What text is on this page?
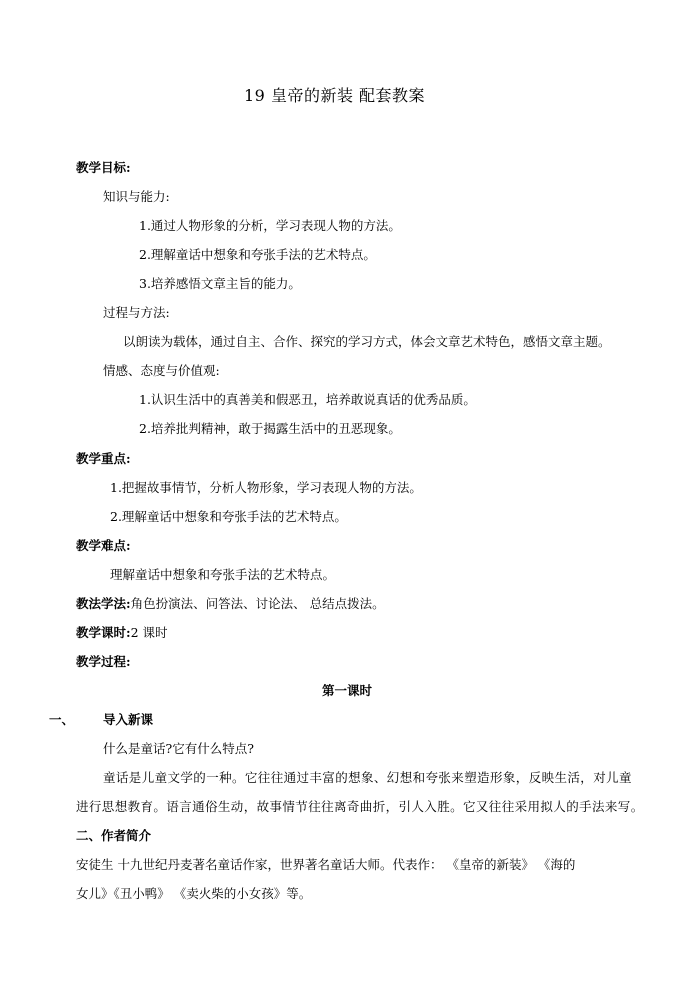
19 皇帝的新装 配套教案
教学目标:
知识与能力:
1.通过人物形象的分析，学习表现人物的方法。
2.理解童话中想象和夸张手法的艺术特点。
3.培养感悟文章主旨的能力。
过程与方法:
以朗读为载体，通过自主、合作、探究的学习方式，体会文章艺术特色，感悟文章主题。
情感、态度与价值观:
1.认识生活中的真善美和假恶丑，培养敢说真话的优秀品质。
2.培养批判精神，敢于揭露生活中的丑恶现象。
教学重点:
1.把握故事情节，分析人物形象，学习表现人物的方法。
2.理解童话中想象和夸张手法的艺术特点。
教学难点:
理解童话中想象和夸张手法的艺术特点。
教法学法:角色扮演法、问答法、讨论法、 总结点拨法。
教学课时:2 课时
教学过程:
第一课时
一、 导入新课
什么是童话?它有什么特点?
童话是儿童文学的一种。它往往通过丰富的想象、幻想和夸张来塑造形象，反映生活，对儿童
进行思想教育。语言通俗生动，故事情节往往离奇曲折，引人入胜。它又往往采用拟人的手法来写。
二、作者简介
安徒生 十九世纪丹麦著名童话作家，世界著名童话大师。代表作： 《皇帝的新装》 《海的
女儿》《丑小鸭》 《卖火柴的小女孩》等。
